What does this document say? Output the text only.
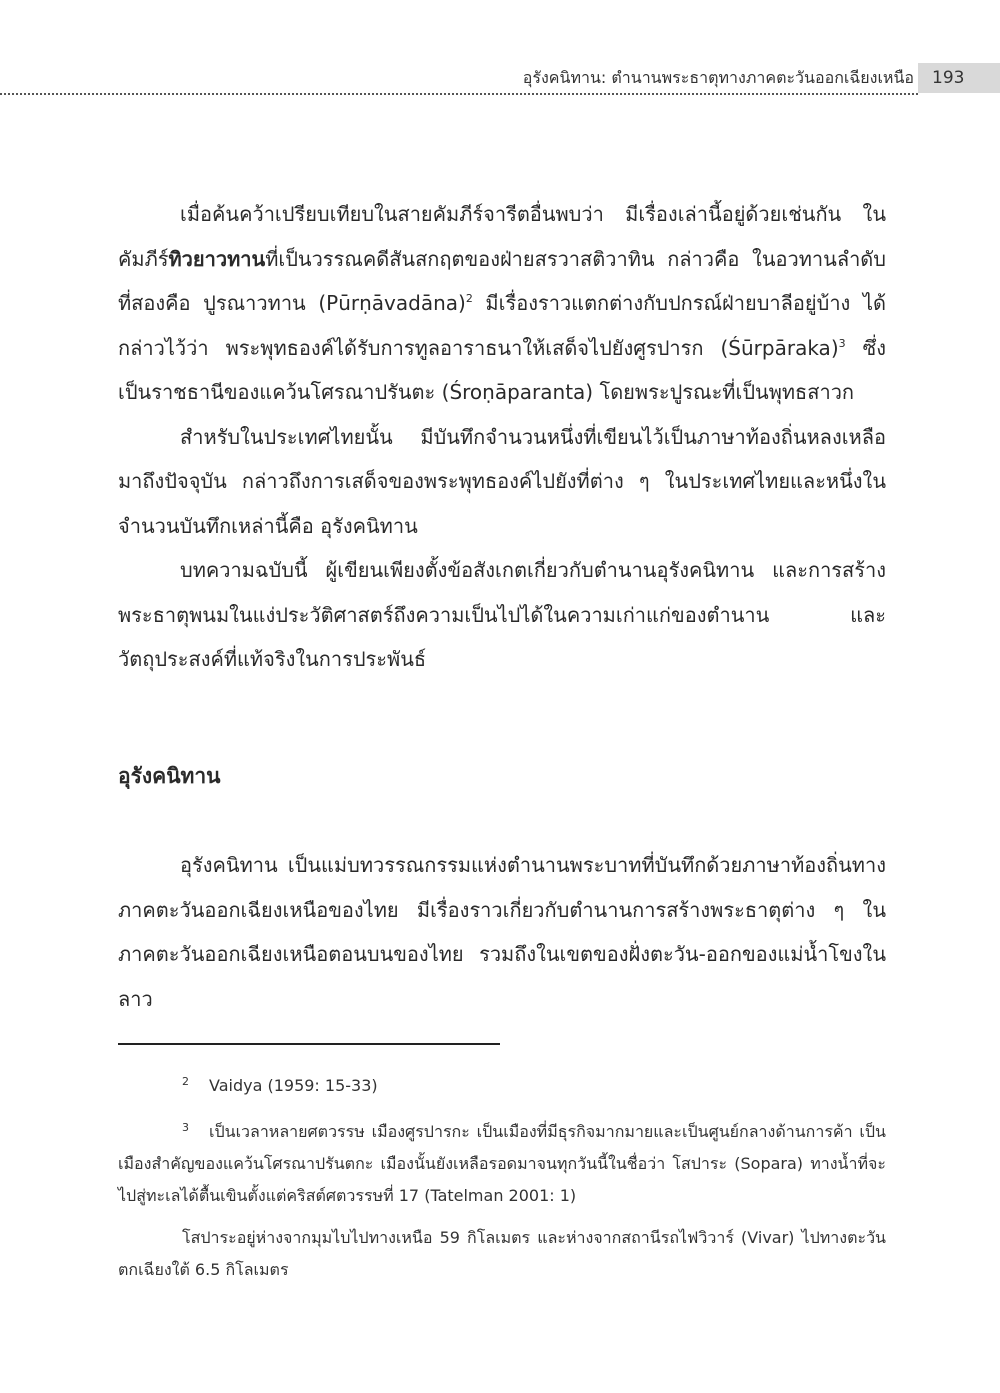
อุรังคนิทาน: ตำนานพระธาตุทางภาคตะวันออกเฉียงเหนือ	193

เมื่อค้นคว้าเปรียบเทียบในสายคัมภีร์จารีตอื่นพบว่า มีเรื่องเล่านี้อยู่ด้วยเช่นกัน ในคัมภีร์ทิวยาวทานที่เป็นวรรณคดีสันสกฤตของฝ่ายสรวาสติวาทิน กล่าวคือ ในอวทานลำดับที่สองคือ ปูรณาวทาน (Pūrṇāvadāna)$^2$ มีเรื่องราวแตกต่างกับปกรณ์ฝ่ายบาลีอยู่บ้าง ได้กล่าวไว้ว่า พระพุทธองค์ได้รับการทูลอาราธนาให้เสด็จไปยังศูรปารก (Śūrpāraka)$^3$ ซึ่งเป็นราชธานีของแคว้นโศรณาปรันตะ (Śroṇāparanta) โดยพระปูรณะที่เป็นพุทธสาวก

สำหรับในประเทศไทยนั้น มีบันทึกจำนวนหนึ่งที่เขียนไว้เป็นภาษาท้องถิ่นหลงเหลือมาถึงปัจจุบัน กล่าวถึงการเสด็จของพระพุทธองค์ไปยังที่ต่าง ๆ ในประเทศไทยและหนึ่งในจำนวนบันทึกเหล่านี้คือ อุรังคนิทาน

บทความฉบับนี้ ผู้เขียนเพียงตั้งข้อสังเกตเกี่ยวกับตำนานอุรังคนิทาน และการสร้างพระธาตุพนมในแง่ประวัติศาสตร์ถึงความเป็นไปได้ในความเก่าแก่ของตำนาน และวัตถุประสงค์ที่แท้จริงในการประพันธ์

อุรังคนิทาน

อุรังคนิทาน เป็นแม่บทวรรณกรรมแห่งตำนานพระบาทที่บันทึกด้วยภาษาท้องถิ่นทางภาคตะวันออกเฉียงเหนือของไทย มีเรื่องราวเกี่ยวกับตำนานการสร้างพระธาตุต่าง ๆ ในภาคตะวันออกเฉียงเหนือตอนบนของไทย รวมถึงในเขตของฝั่งตะวัน-ออกของแม่น้ำโขงในลาว

$^2$ Vaidya (1959: 15-33)

$^3$ เป็นเวลาหลายศตวรรษ เมืองศูรปารกะ เป็นเมืองที่มีธุรกิจมากมายและเป็นศูนย์กลางด้านการค้า เป็นเมืองสำคัญของแคว้นโศรณาปรันตกะ เมืองนั้นยังเหลือรอดมาจนทุกวันนี้ในชื่อว่า โสปาระ (Sopara) ทางน้ำที่จะไปสู่ทะเลได้ตื้นเขินตั้งแต่คริสต์ศตวรรษที่ 17 (Tatelman 2001: 1)

โสปาระอยู่ห่างจากมุมไบไปทางเหนือ 59 กิโลเมตร และห่างจากสถานีรถไฟวิวาร์ (Vivar) ไปทางตะวันตกเฉียงใต้ 6.5 กิโลเมตร
